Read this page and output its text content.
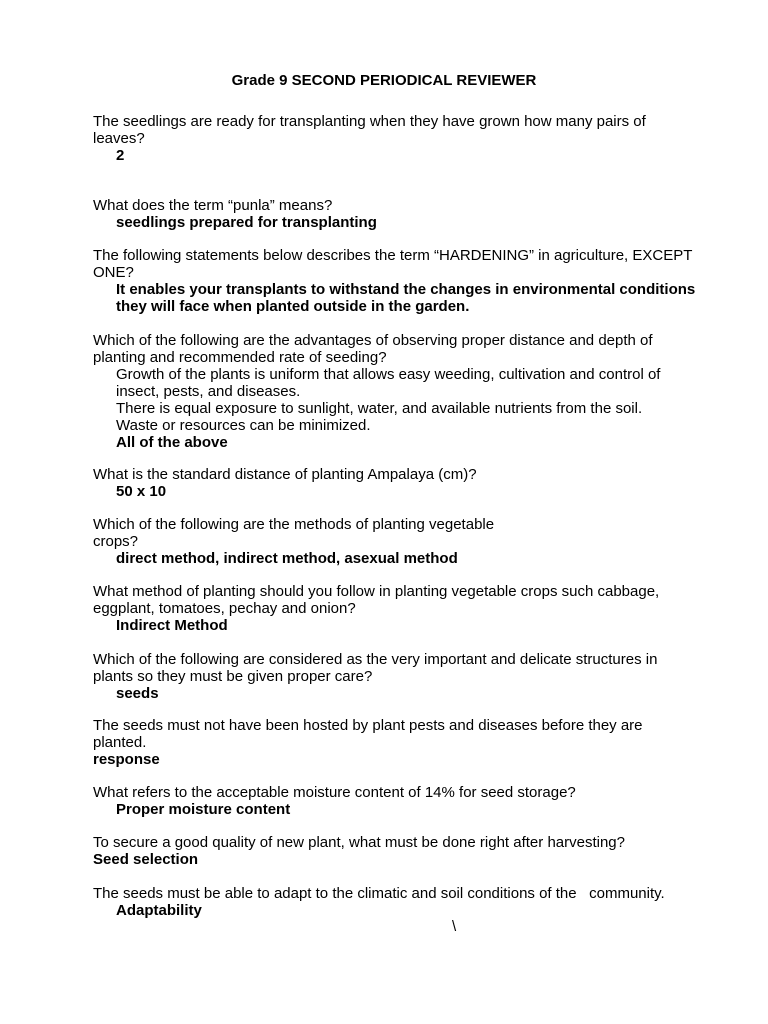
Grade 9 SECOND PERIODICAL REVIEWER
The seedlings are ready for transplanting when they have grown how many pairs of
leaves?
2
What does the term “punla” means?
seedlings prepared for transplanting
The following statements below describes the term “HARDENING” in agriculture, EXCEPT
ONE?
It enables your transplants to withstand the changes in environmental conditions
they will face when planted outside in the garden.
Which of the following are the advantages of observing proper distance and depth of
planting and recommended rate of seeding?
Growth of the plants is uniform that allows easy weeding, cultivation and control of
insect, pests, and diseases.
There is equal exposure to sunlight, water, and available nutrients from the soil.
Waste or resources can be minimized.
All of the above
What is the standard distance of planting Ampalaya (cm)?
50 x 10
Which of the following are the methods of planting vegetable
crops?
direct method, indirect method, asexual method
What method of planting should you follow in planting vegetable crops such cabbage,
eggplant, tomatoes, pechay and onion?
Indirect Method
Which of the following are considered as the very important and delicate structures in
plants so they must be given proper care?
seeds
The seeds must not have been hosted by plant pests and diseases before they are
planted.
response
What refers to the acceptable moisture content of 14% for seed storage?
Proper moisture content
To secure a good quality of new plant, what must be done right after harvesting?
Seed selection
The seeds must be able to adapt to the climatic and soil conditions of the   community.
Adaptability
\
